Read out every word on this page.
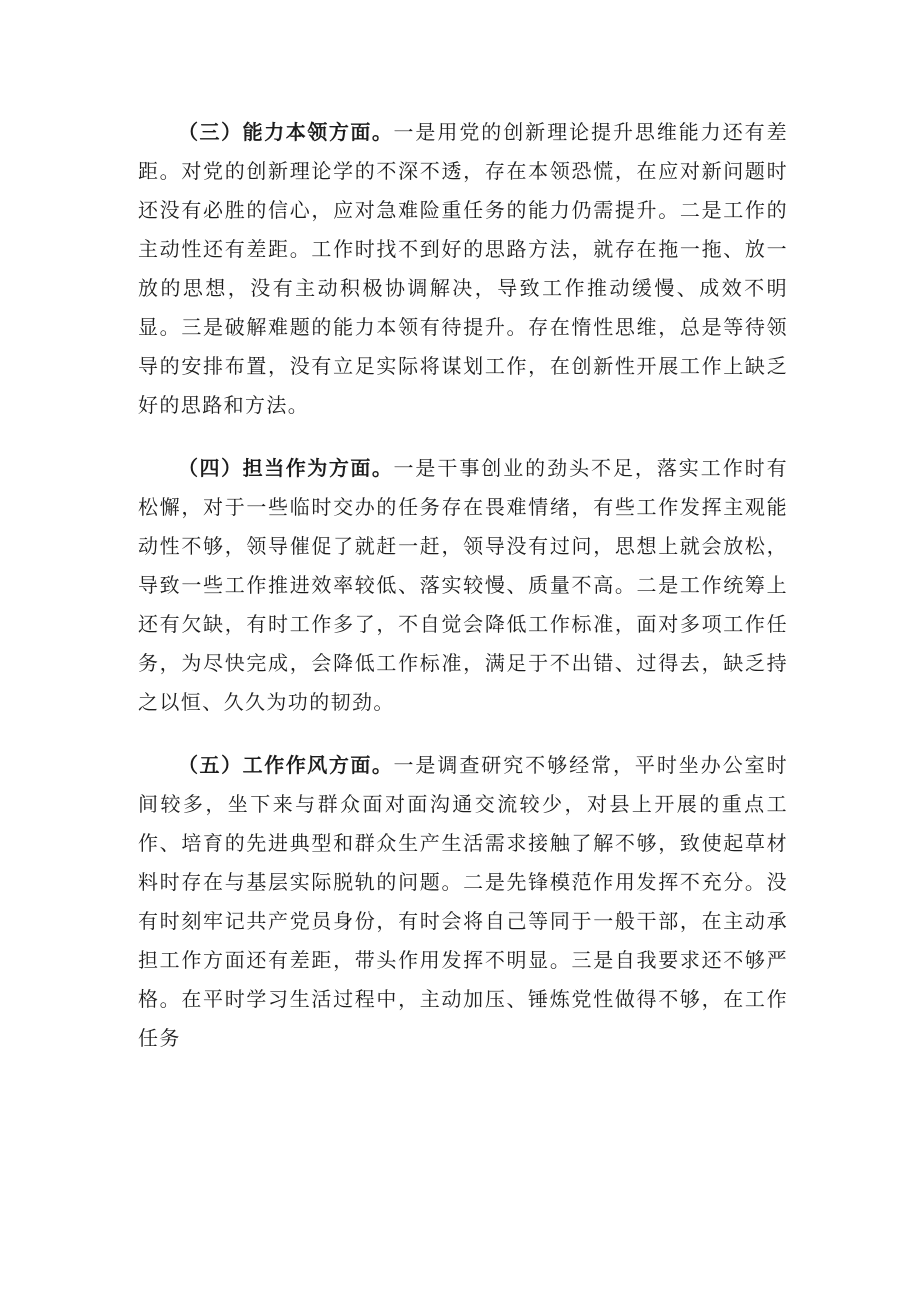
（三）能力本领方面。一是用党的创新理论提升思维能力还有差距。对党的创新理论学的不深不透，存在本领恐慌，在应对新问题时还没有必胜的信心，应对急难险重任务的能力仍需提升。二是工作的主动性还有差距。工作时找不到好的思路方法，就存在拖一拖、放一放的思想，没有主动积极协调解决，导致工作推动缓慢、成效不明显。三是破解难题的能力本领有待提升。存在惰性思维，总是等待领导的安排布置，没有立足实际将谋划工作，在创新性开展工作上缺乏好的思路和方法。

（四）担当作为方面。一是干事创业的劲头不足，落实工作时有松懈，对于一些临时交办的任务存在畏难情绪，有些工作发挥主观能动性不够，领导催促了就赶一赶，领导没有过问，思想上就会放松，导致一些工作推进效率较低、落实较慢、质量不高。二是工作统筹上还有欠缺，有时工作多了，不自觉会降低工作标准，面对多项工作任务，为尽快完成，会降低工作标准，满足于不出错、过得去，缺乏持之以恒、久久为功的韧劲。

（五）工作作风方面。一是调查研究不够经常，平时坐办公室时间较多，坐下来与群众面对面沟通交流较少，对县上开展的重点工作、培育的先进典型和群众生产生活需求接触了解不够，致使起草材料时存在与基层实际脱轨的问题。二是先锋模范作用发挥不充分。没有时刻牢记共产党员身份，有时会将自己等同于一般干部，在主动承担工作方面还有差距，带头作用发挥不明显。三是自我要求还不够严格。在平时学习生活过程中，主动加压、锤炼党性做得不够，在工作任务
